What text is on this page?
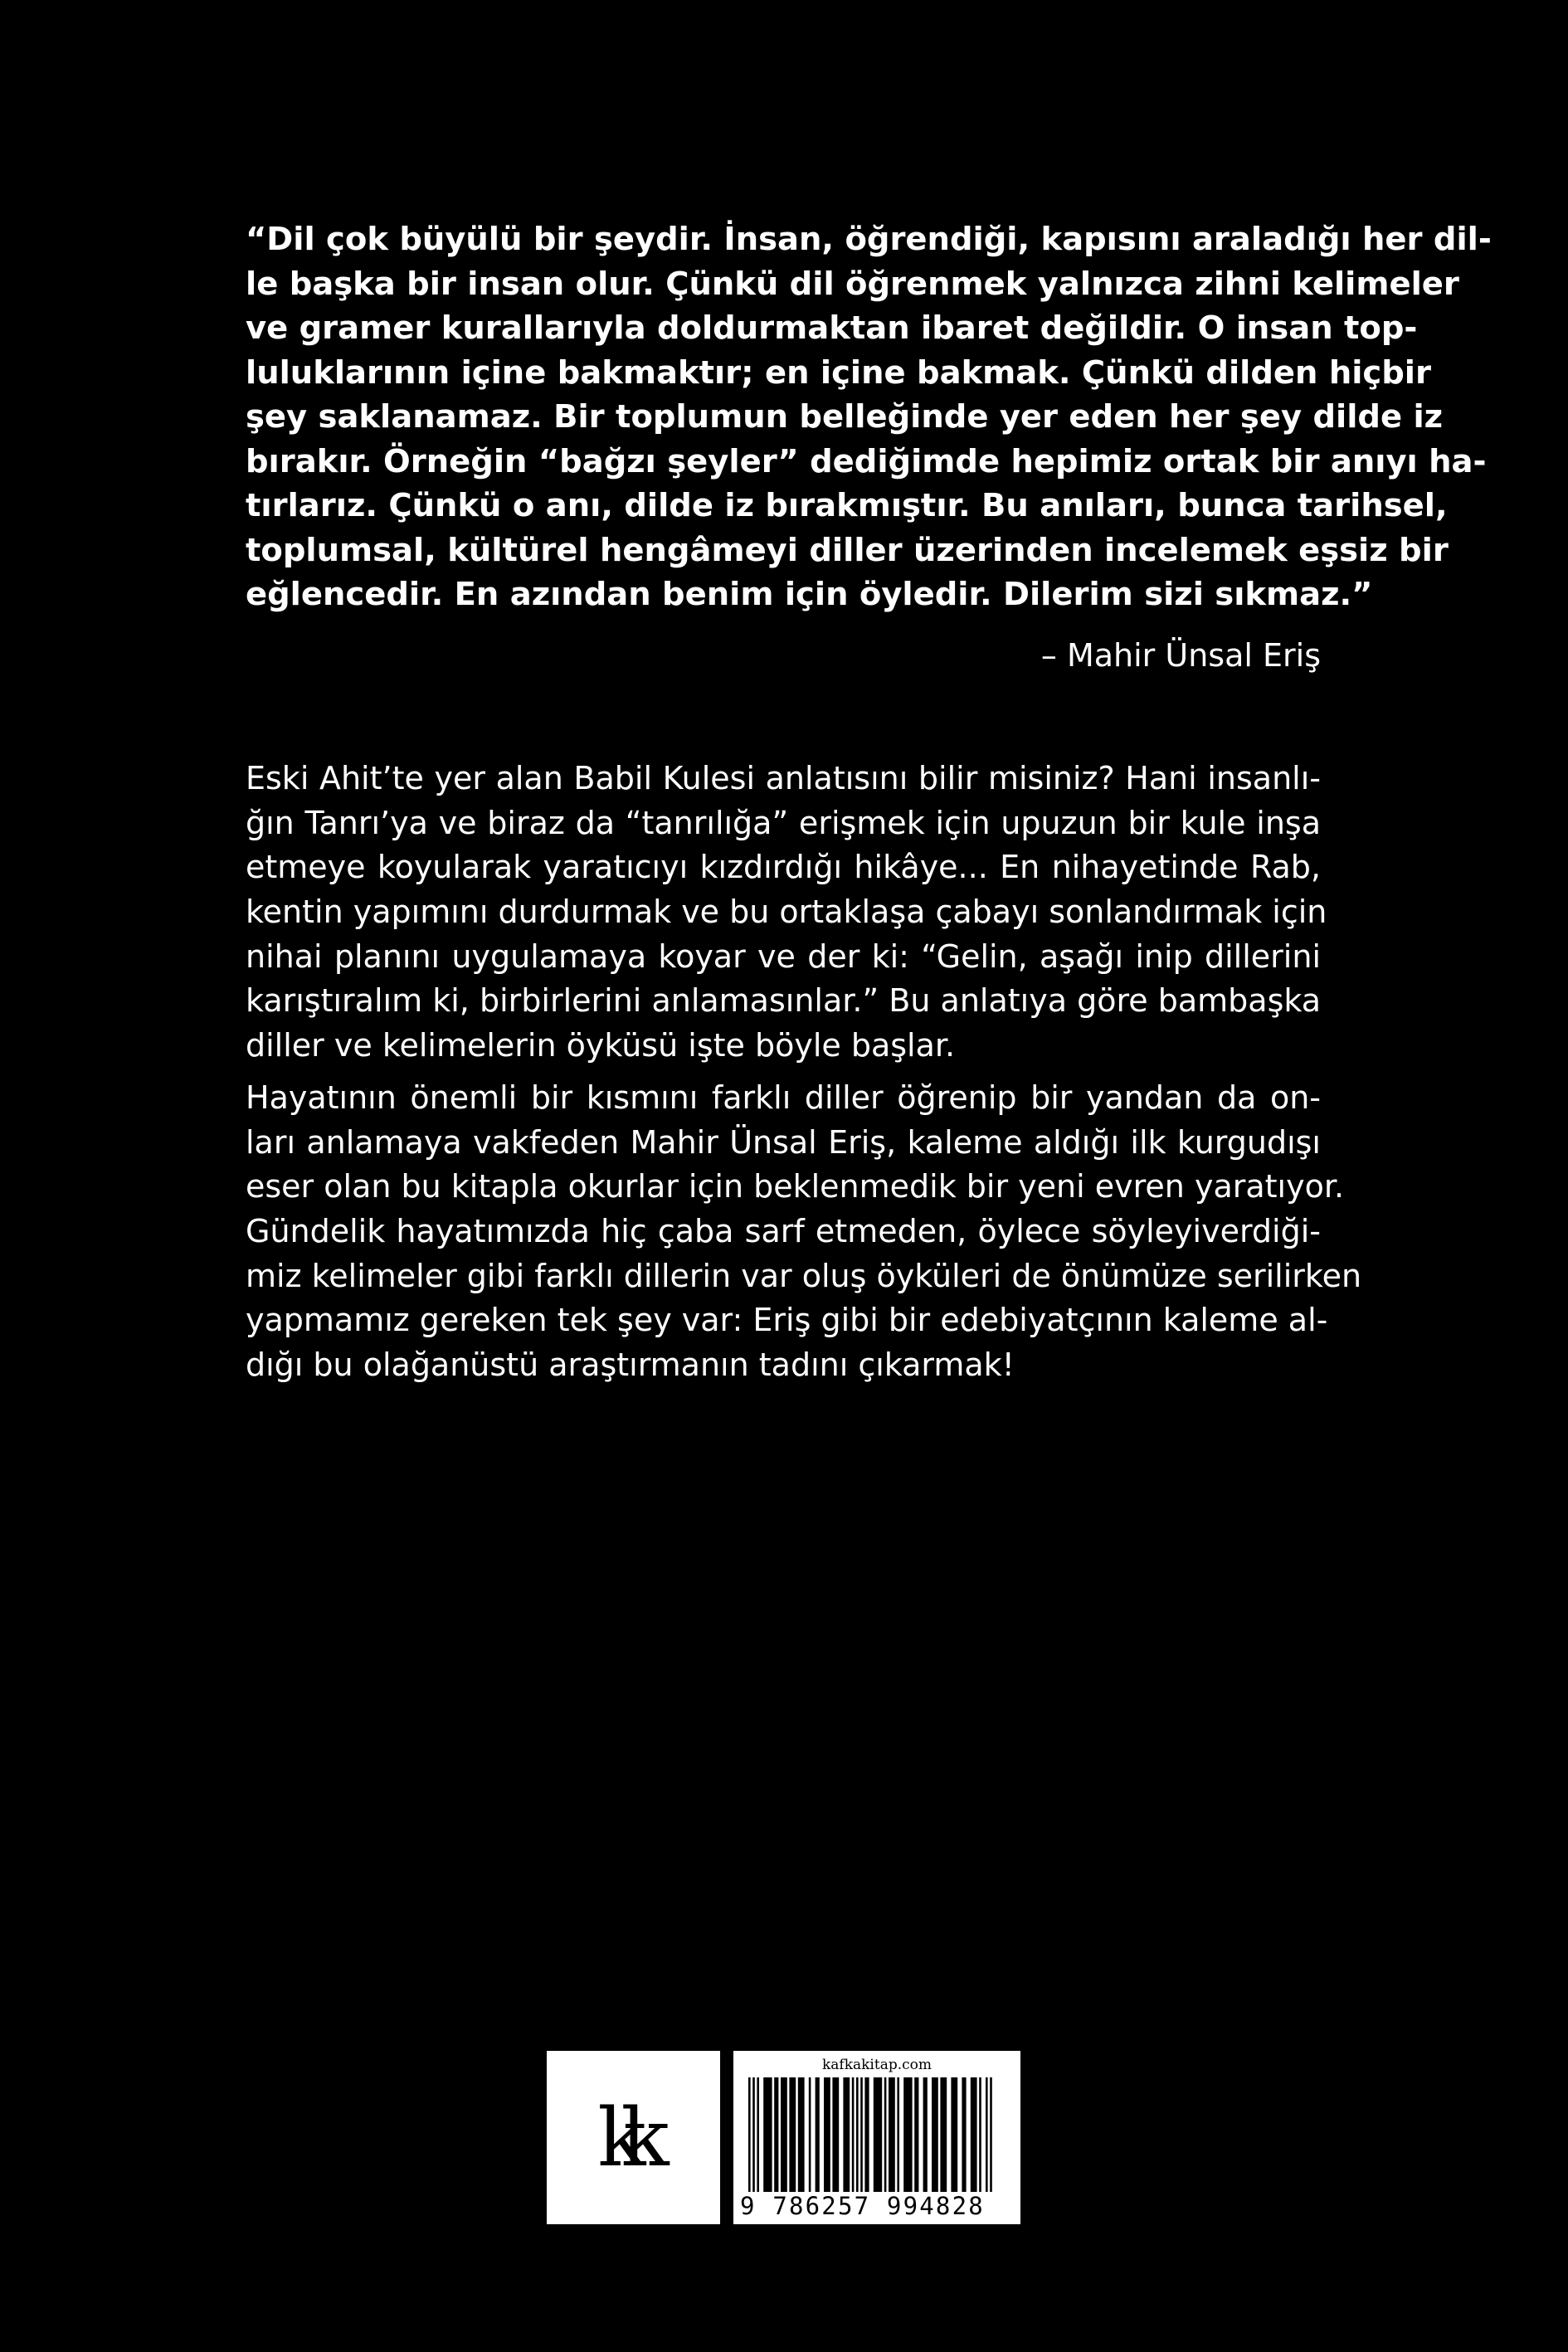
“Dil çok büyülü bir şeydir. İnsan, öğrendiği, kapısını araladığı her dil-
le başka bir insan olur. Çünkü dil öğrenmek yalnızca zihni kelimeler
ve gramer kurallarıyla doldurmaktan ibaret değildir. O insan top-
luluklarının içine bakmaktır; en içine bakmak. Çünkü dilden hiçbir
şey saklanamaz. Bir toplumun belleğinde yer eden her şey dilde iz
bırakır. Örneğin “bağzı şeyler” dediğimde hepimiz ortak bir anıyı ha-
tırlarız. Çünkü o anı, dilde iz bırakmıştır. Bu anıları, bunca tarihsel,
toplumsal, kültürel hengâmeyi diller üzerinden incelemek eşsiz bir
eğlencedir. En azından benim için öyledir. Dilerim sizi sıkmaz.”
– Mahir Ünsal Eriş
Eski Ahit’te yer alan Babil Kulesi anlatısını bilir misiniz? Hani insanlı-
ğın Tanrı’ya ve biraz da “tanrılığa” erişmek için upuzun bir kule inşa
etmeye koyularak yaratıcıyı kızdırdığı hikâye... En nihayetinde Rab,
kentin yapımını durdurmak ve bu ortaklaşa çabayı sonlandırmak için
nihai planını uygulamaya koyar ve der ki: “Gelin, aşağı inip dillerini
karıştıralım ki, birbirlerini anlamasınlar.” Bu anlatıya göre bambaşka
diller ve kelimelerin öyküsü işte böyle başlar.
Hayatının önemli bir kısmını farklı diller öğrenip bir yandan da on-
ları anlamaya vakfeden Mahir Ünsal Eriş, kaleme aldığı ilk kurgudışı
eser olan bu kitapla okurlar için beklenmedik bir yeni evren yaratıyor.
Gündelik hayatımızda hiç çaba sarf etmeden, öylece söyleyiverdiği-
miz kelimeler gibi farklı dillerin var oluş öyküleri de önümüze serilirken
yapmamız gereken tek şey var: Eriş gibi bir edebiyatçının kaleme al-
dığı bu olağanüstü araştırmanın tadını çıkarmak!
kk
kafkakitap.com
9 786257 994828
